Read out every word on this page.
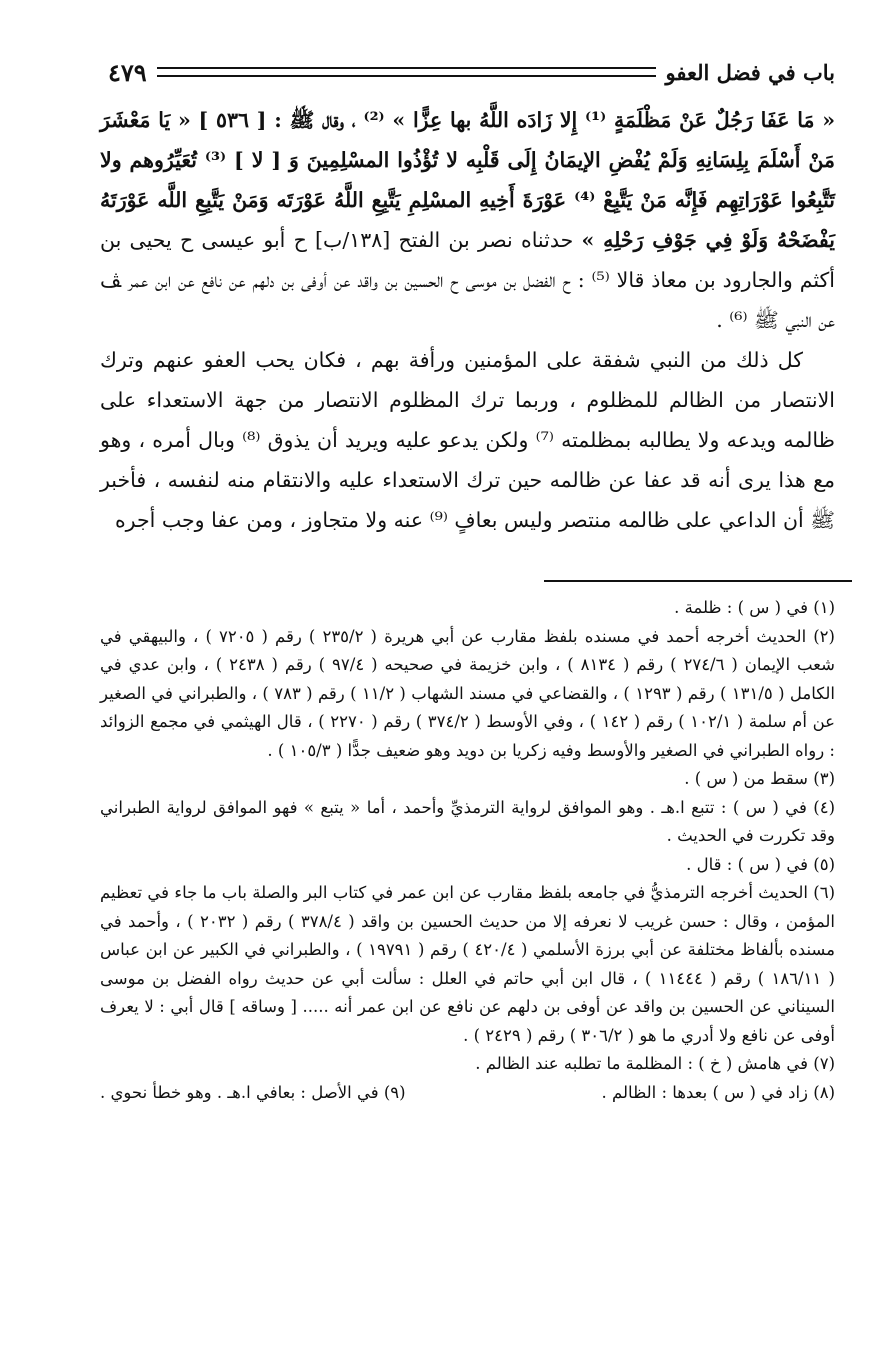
باب في فضل العفو
٤٧٩

« مَا عَفَا رَجُلٌ عَنْ مَظْلَمَةٍ ⁽¹⁾ إِلا زَادَه اللَّهُ بها عِزًّا » ⁽²⁾ ، وقال ﷺ : [ ٥٣٦ ] « يَا مَعْشَرَ مَنْ أَسْلَمَ بِلِسَانِهِ وَلَمْ يُفْضِ الإيمَانُ إِلَى قَلْبِه لا تُؤْذُوا المسْلِمِينَ وَ [ لا ] ⁽³⁾ تُعَيِّرُوهم ولا تَتَّبِعُوا عَوْرَاتِهِم فَإِنَّه مَنْ يَتَّبِعْ ⁽⁴⁾ عَوْرَةَ أَخِيهِ المسْلِمِ يَتَّبِعِ اللَّهُ عَوْرَتَه وَمَنْ يَتَّبِعِ اللَّه عَوْرَتَهُ يَفْضَحْهُ وَلَوْ فِي جَوْفِ رَحْلِهِ » حدثناه نصر بن الفتح [١٣٨/ب] ح أبو عيسى ح يحيى بن أكثم والجارود بن معاذ قالا ⁽⁵⁾ : ح الفضل بن موسى ح الحسين بن واقد عن أوفى بن دلهم عن نافع عن ابن عمر ﭫ عن النبي ﷺ ⁽⁶⁾ .

كل ذلك من النبي شفقة على المؤمنين ورأفة بهم ، فكان يحب العفو عنهم وترك الانتصار من الظالم للمظلوم ، وربما ترك المظلوم الانتصار من جهة الاستعداء على ظالمه ويدعه ولا يطالبه بمظلمته ⁽⁷⁾ ولكن يدعو عليه ويريد أن يذوق ⁽⁸⁾ وبال أمره ، وهو مع هذا يرى أنه قد عفا عن ظالمه حين ترك الاستعداء عليه والانتقام منه لنفسه ، فأخبر ﷺ أن الداعي على ظالمه منتصر وليس بعافٍ ⁽⁹⁾ عنه ولا متجاوز ، ومن عفا وجب أجره

(١) في ( س ) : ظلمة .

(٢) الحديث أخرجه أحمد في مسنده بلفظ مقارب عن أبي هريرة ( ٢٣٥/٢ ) رقم ( ٧٢٠٥ ) ، والبيهقي في شعب الإيمان ( ٢٧٤/٦ ) رقم ( ٨١٣٤ ) ، وابن خزيمة في صحيحه ( ٩٧/٤ ) رقم ( ٢٤٣٨ ) ، وابن عدي في الكامل ( ١٣١/٥ ) رقم ( ١٢٩٣ ) ، والقضاعي في مسند الشهاب ( ١١/٢ ) رقم ( ٧٨٣ ) ، والطبراني في الصغير عن أم سلمة ( ١٠٢/١ ) رقم ( ١٤٢ ) ، وفي الأوسط ( ٣٧٤/٢ ) رقم ( ٢٢٧٠ ) ، قال الهيثمي في مجمع الزوائد : رواه الطبراني في الصغير والأوسط وفيه زكريا بن دويد وهو ضعيف جدًّا ( ١٠٥/٣ ) .

(٣) سقط من ( س ) .

(٤) في ( س ) : تتبع ا.هـ . وهو الموافق لرواية الترمذيِّ وأحمد ، أما « يتبع » فهو الموافق لرواية الطبراني وقد تكررت في الحديث .

(٥) في ( س ) : قال .

(٦) الحديث أخرجه الترمذيُّ في جامعه بلفظ مقارب عن ابن عمر في كتاب البر والصلة باب ما جاء في تعظيم المؤمن ، وقال : حسن غريب لا نعرفه إلا من حديث الحسين بن واقد ( ٣٧٨/٤ ) رقم ( ٢٠٣٢ ) ، وأحمد في مسنده بألفاظ مختلفة عن أبي برزة الأسلمي ( ٤٢٠/٤ ) رقم ( ١٩٧٩١ ) ، والطبراني في الكبير عن ابن عباس ( ١٨٦/١١ ) رقم ( ١١٤٤٤ ) ، قال ابن أبي حاتم في العلل : سألت أبي عن حديث رواه الفضل بن موسى السيناني عن الحسين بن واقد عن أوفى بن دلهم عن نافع عن ابن عمر أنه ..... [ وساقه ] قال أبي : لا يعرف أوفى عن نافع ولا أدري ما هو ( ٣٠٦/٢ ) رقم ( ٢٤٢٩ ) .

(٧) في هامش ( خ ) : المظلمة ما تطلبه عند الظالم .

(٨) زاد في ( س ) بعدها : الظالم .
(٩) في الأصل : بعافي ا.هـ . وهو خطأ نحوي .
